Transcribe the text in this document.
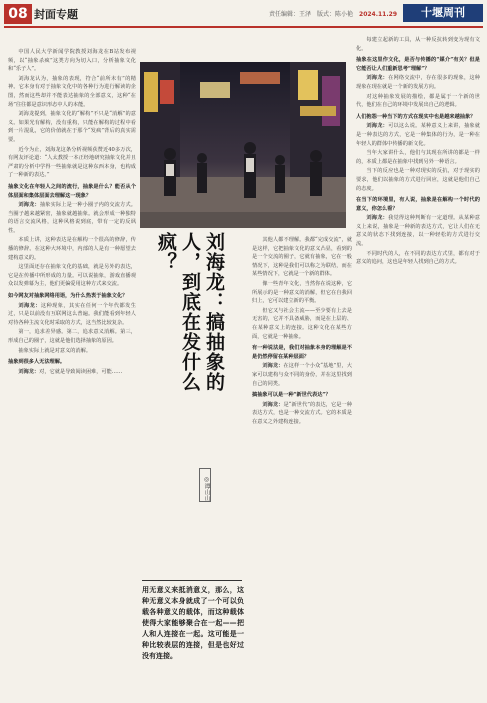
08 封面专题	责任编辑：王泽　版式：陈小艳 2024.11.29	十堰周刊

中国人民大学新闻学院教授刘海龙在B站发布视频，以“抽象杀疯”这类方向为切入口，分析抽象文化和“乐子人”。

刘海龙认为，抽象的表现，符合“前所未有”的精神。它本身有对于抽象文化中的各种行为进行解读的企图，然而这些却并不能表达抽象的全部意义，这种“在场”往往都是意识形态中人的本能。

刘海龙提到，抽象文化的“解构”不只是“消解”的意义。如果光有解构，没有重构，只能在解构的过程中看到一片混乱，它的价值就在于那个“发疯”背后的真实需要。

近今为止，刘海龙这条分析视频获赞近40多万次，有网友评论道：“人太教授一本正经地研究抽象文化并且严肃的分析中学得一些抽象就是这种东西本身，也构成了一种新的表达。”

抽象文化在年轻人之间的流行，抽象是什么？能否从个体层面和集体层面去理解这一现象？

刘海龙：抽象实际上是一种小圈子内的交流方式。当圈子越来越紧密，抽象就越抽象。就会形成一种独特的语言交流风格，这种风格说到底，带有一定的反讽性。

本质上讲，这种表达是在解构一个很高的修辞，传播的修辞。在这种大环境中，内部的人是有一种愿望去建构意义的。

这里面还存在抽象文化的基础，就是另外的表达，它是在传播中所形成的力量。可以说抽象，游戏直播观众以发弹幕为主，他们更偏爱用这种方式来交流。

如今网友对抽象网络用语，为什么热衷于抽象文化？

刘海龙：这种现象，其实在任何一个年代都发生过，只是以前没有互联网这么普遍。我们能看到年轻人对待各种主流文化时采取的方式，这当然比较复杂。

第一，追求差异感。第二，追求意义消解。第三，形成自己的圈子，这就是他们选择抽象的原因。

抽象实际上就是对意义的消解。

抽象到很多人无法理解。

刘海龙：对，它就是导致阅读困难，可能……	刘海龙：搞抽象的人，到底在发什么疯？
◎谭山山
用无意义来抵消意义，那么，这种无意义本身就成了一个可以负载各种意义的载体，而这种载体使得大家能够聚合在一起——把人和人连接在一起。这可能是一种比较表层的连接，但是也好过没有连接。

其他人都不理解。我都“完成交流”，就是这样，它把抽象文化的意义凸显，看到的是一个交流的圈子，它就有抽象，它在一般情况下，这种是我们可以称之为联结，而在某些情况下，它就是一个新的群体。

像一些青年文化，当然你在说这种，它所展示的是一种意义的消解，但它在自我回归上，它可以建立新的平衡。

但它又与社会主流——至少要有上去是无害的，它并不具备威胁，而是在上层的、在某种意义上的连接。这种文化在某些方面，它就是一种抽象。

有一种说法是，我们对抽象本身的理解是不是仍然停留在某种层面？

刘海龙：在这样一个小众“基地”里，大家可以建构与众不同的身份，并在这里找到自己的同类。

搞抽象可以是一种“新世代表达”？

刘海龙：是“新世代”的表达，它是一种表达方式，也是一种交流方式。它的本质是在意义之外建构连接。

每建立起新的工具，从一种反抗转到变为现有文化。

抽象在这里作文化，是否与传播的“媒介”有关？但是它能否让人们重新思考“理解”？

刘海龙：在网络交流中，存在很多的现象，这种现象在现在就是一个新的发展方向。

对这种抽象发展的描绘，都是属于一个新的世代，他们在自己的环境中发展出自己的逻辑。

人们抱怨一种当下的方式在现实中也是越来越抽象？

刘海龙：可以这么说。某种意义上来讲，抽象就是一种表达的方式，它是一种集体的行为，是一种在年轻人的群体中传播的新文化。

当年大家讲什么，他们与其现在所讲的都是一样的，本质上都是在抽象中找到另外一种语言。

当下的反应也是一种对现实的反抗，对于现实的要求，他们以抽象的方式进行回应，这就是他们自己的态度。

在当下的环境里，有人说，抽象是在解构一个时代的意义，你怎么看？

刘海龙：我觉得这种判断有一定道理。从某种意义上来说，抽象是一种新的表达方式，它让人们在无意义的状态下找到连接，以一种轻松的方式进行交流。

不同时代的人，在不同的表达方式里，都有对于意义的追问，这也是年轻人找到自己的方式。
